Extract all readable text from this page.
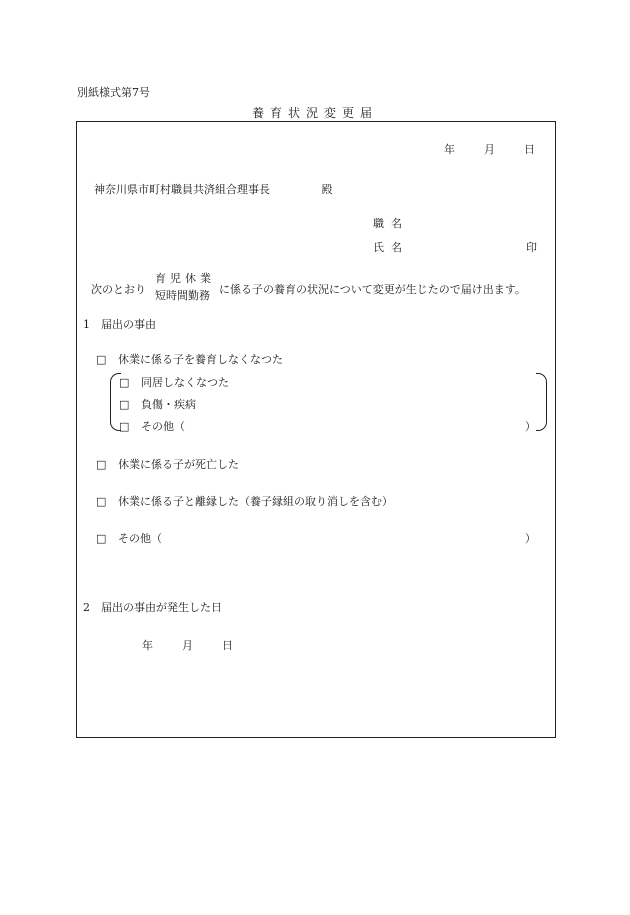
別紙様式第7号
養育状況変更届
年	月	日
神奈川県市町村職員共済組合理事長	殿
職名
氏名	印
次のとおり
育児休業
短時間勤務 に係る子の養育の状況について変更が生じたので届け出ます。
1　届出の事由
□ 休業に係る子を養育しなくなつた
□ 同居しなくなつた
□ 負傷・疾病
□ その他（	）
□ 休業に係る子が死亡した
□ 休業に係る子と離縁した（養子縁組の取り消しを含む）
□ その他（	）
2　届出の事由が発生した日
年	月	日
